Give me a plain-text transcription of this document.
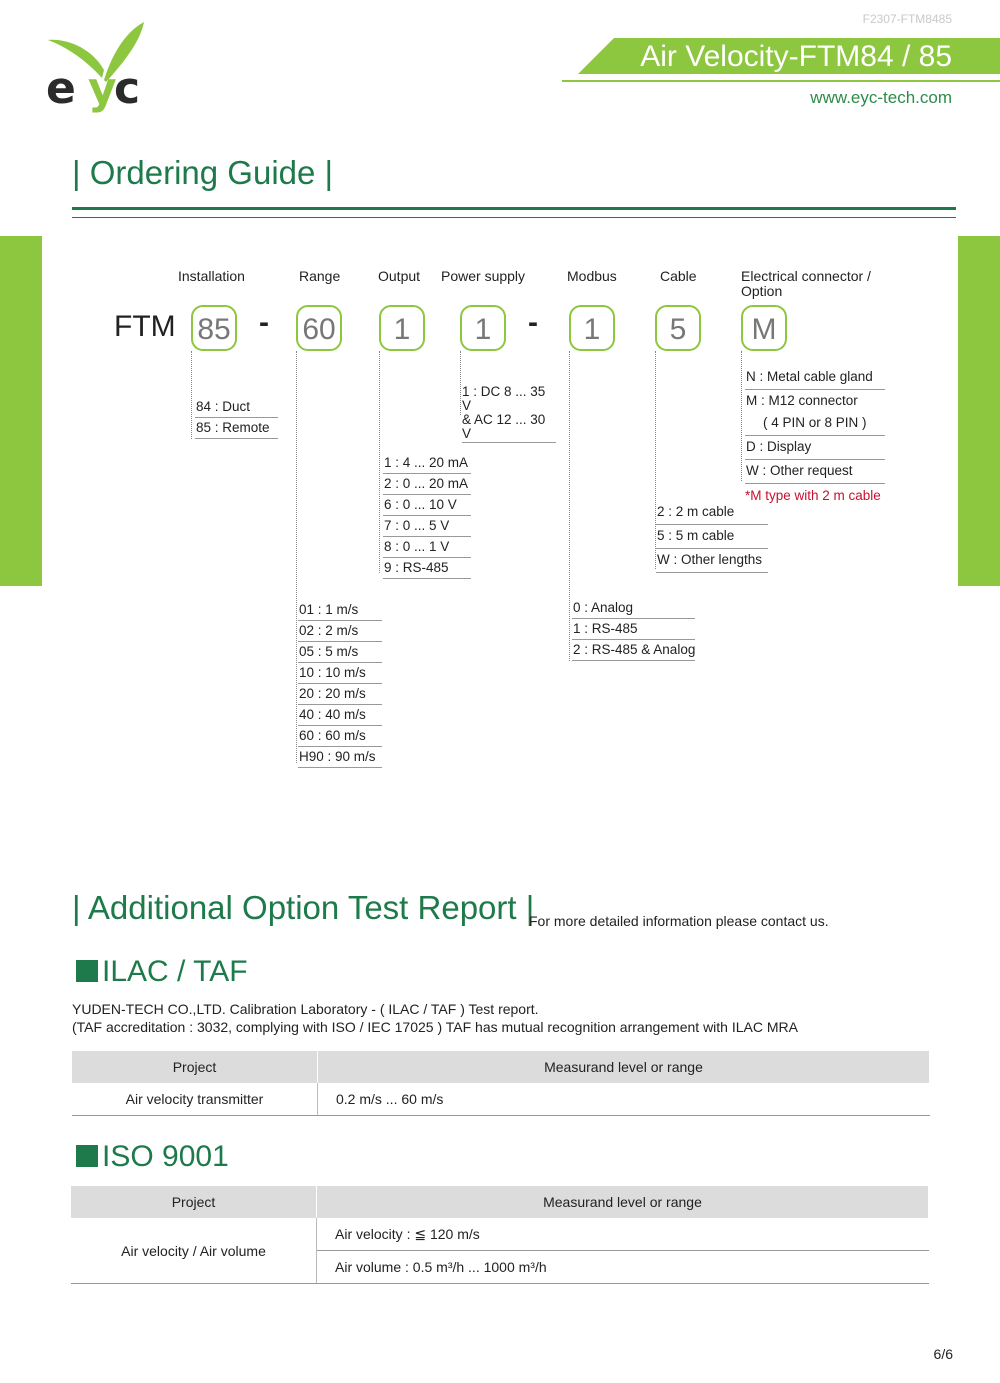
F2307-FTM8485
e y
c
Air Velocity-FTM84 / 85
www.eyc-tech.com
| Ordering Guide |
Installation	Range	Output Power supply	Modbus	Cable	Electrical connector /
Option
FTM 85 - 60	1	1	-	1	5	M
84 : Duct
85 : Remote
1 : DC 8 ... 35 V
& AC 12 ... 30 V
1 : 4 ... 20 mA
2 : 0 ... 20 mA
6 : 0 ... 10 V
7 : 0 ... 5 V
8 : 0 ... 1 V
9 : RS-485
01 : 1 m/s
02 : 2 m/s
05 : 5 m/s
10 : 10 m/s
20 : 20 m/s
40 : 40 m/s
60 : 60 m/s
H90 : 90 m/s
0 : Analog
1 : RS-485
2 : RS-485 & Analog
2 : 2 m cable
5 : 5 m cable
W : Other lengths
N : Metal cable gland
M : M12 connector
( 4 PIN or 8 PIN )
D : Display
W : Other request
*M type with 2 m cable
| Additional Option Test Report |
For more detailed information please contact us.
ILAC / TAF
YUDEN-TECH CO.,LTD. Calibration Laboratory - ( ILAC / TAF ) Test report.
(TAF accreditation : 3032, complying with ISO / IEC 17025 ) TAF has mutual recognition arrangement with ILAC MRA
Project	Measurand level or range
Air velocity transmitter	0.2 m/s ... 60 m/s
ISO 9001
Project	Measurand level or range
Air velocity / Air volume	Air velocity : ≦ 120 m/s
	Air volume : 0.5 m³/h ... 1000 m³/h
6/6
